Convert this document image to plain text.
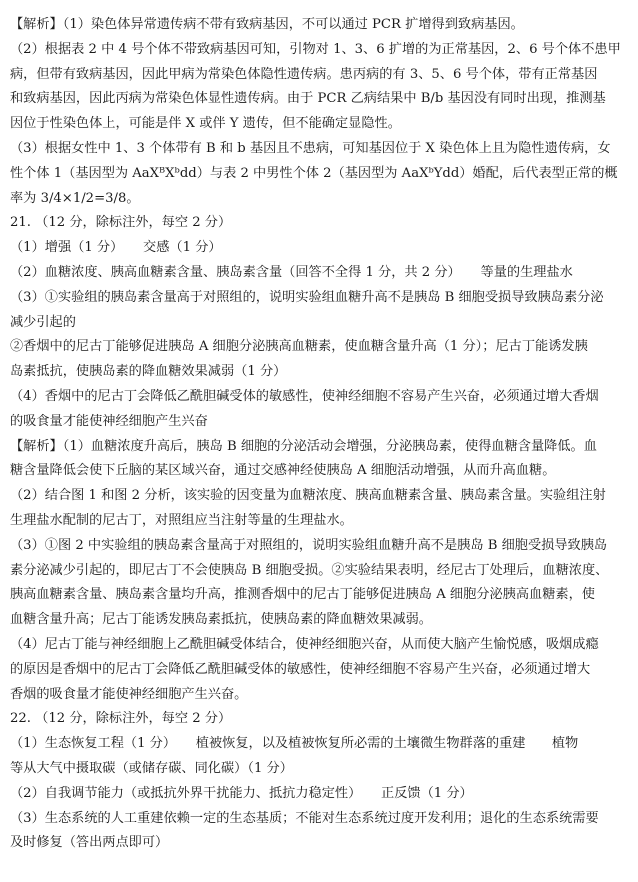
【解析】（1）染色体异常遗传病不带有致病基因，不可以通过 PCR 扩增得到致病基因。
（2）根据表 2 中 4 号个体不带致病基因可知，引物对 1、3、6 扩增的为正常基因，2、6 号个体不患甲
病，但带有致病基因，因此甲病为常染色体隐性遗传病。患丙病的有 3、5、6 号个体，带有正常基因
和致病基因，因此丙病为常染色体显性遗传病。由于 PCR 乙病结果中 B/b 基因没有同时出现，推测基
因位于性染色体上，可能是伴 X 或伴 Y 遗传，但不能确定显隐性。
（3）根据女性中 1、3 个体带有 B 和 b 基因且不患病，可知基因位于 X 染色体上且为隐性遗传病，女
性个体 1（基因型为 AaXᴮXᵇdd）与表 2 中男性个体 2（基因型为 AaXᵇYdd）婚配，后代表型正常的概
率为 3/4×1/2=3/8。
21. （12 分，除标注外，每空 2 分）
（1）增强（1 分）　　交感（1 分）
（2）血糖浓度、胰高血糖素含量、胰岛素含量（回答不全得 1 分，共 2 分）　　等量的生理盐水
（3）①实验组的胰岛素含量高于对照组的，说明实验组血糖升高不是胰岛 B 细胞受损导致胰岛素分泌
减少引起的
②香烟中的尼古丁能够促进胰岛 A 细胞分泌胰高血糖素，使血糖含量升高（1 分）；尼古丁能诱发胰
岛素抵抗，使胰岛素的降血糖效果减弱（1 分）
（4）香烟中的尼古丁会降低乙酰胆碱受体的敏感性，使神经细胞不容易产生兴奋，必须通过增大香烟
的吸食量才能使神经细胞产生兴奋
【解析】（1）血糖浓度升高后，胰岛 B 细胞的分泌活动会增强，分泌胰岛素，使得血糖含量降低。血
糖含量降低会使下丘脑的某区域兴奋，通过交感神经使胰岛 A 细胞活动增强，从而升高血糖。
（2）结合图 1 和图 2 分析，该实验的因变量为血糖浓度、胰高血糖素含量、胰岛素含量。实验组注射
生理盐水配制的尼古丁，对照组应当注射等量的生理盐水。
（3）①图 2 中实验组的胰岛素含量高于对照组的，说明实验组血糖升高不是胰岛 B 细胞受损导致胰岛
素分泌减少引起的，即尼古丁不会使胰岛 B 细胞受损。②实验结果表明，经尼古丁处理后，血糖浓度、
胰高血糖素含量、胰岛素含量均升高，推测香烟中的尼古丁能够促进胰岛 A 细胞分泌胰高血糖素，使
血糖含量升高；尼古丁能诱发胰岛素抵抗，使胰岛素的降血糖效果减弱。
（4）尼古丁能与神经细胞上乙酰胆碱受体结合，使神经细胞兴奋，从而使大脑产生愉悦感，吸烟成瘾
的原因是香烟中的尼古丁会降低乙酰胆碱受体的敏感性，使神经细胞不容易产生兴奋，必须通过增大
香烟的吸食量才能使神经细胞产生兴奋。
22. （12 分，除标注外，每空 2 分）
（1）生态恢复工程（1 分）　　植被恢复，以及植被恢复所必需的土壤微生物群落的重建　　植物
等从大气中摄取碳（或储存碳、同化碳）（1 分）
（2）自我调节能力（或抵抗外界干扰能力、抵抗力稳定性）　　正反馈（1 分）
（3）生态系统的人工重建依赖一定的生态基质；不能对生态系统过度开发利用；退化的生态系统需要
及时修复（答出两点即可）
